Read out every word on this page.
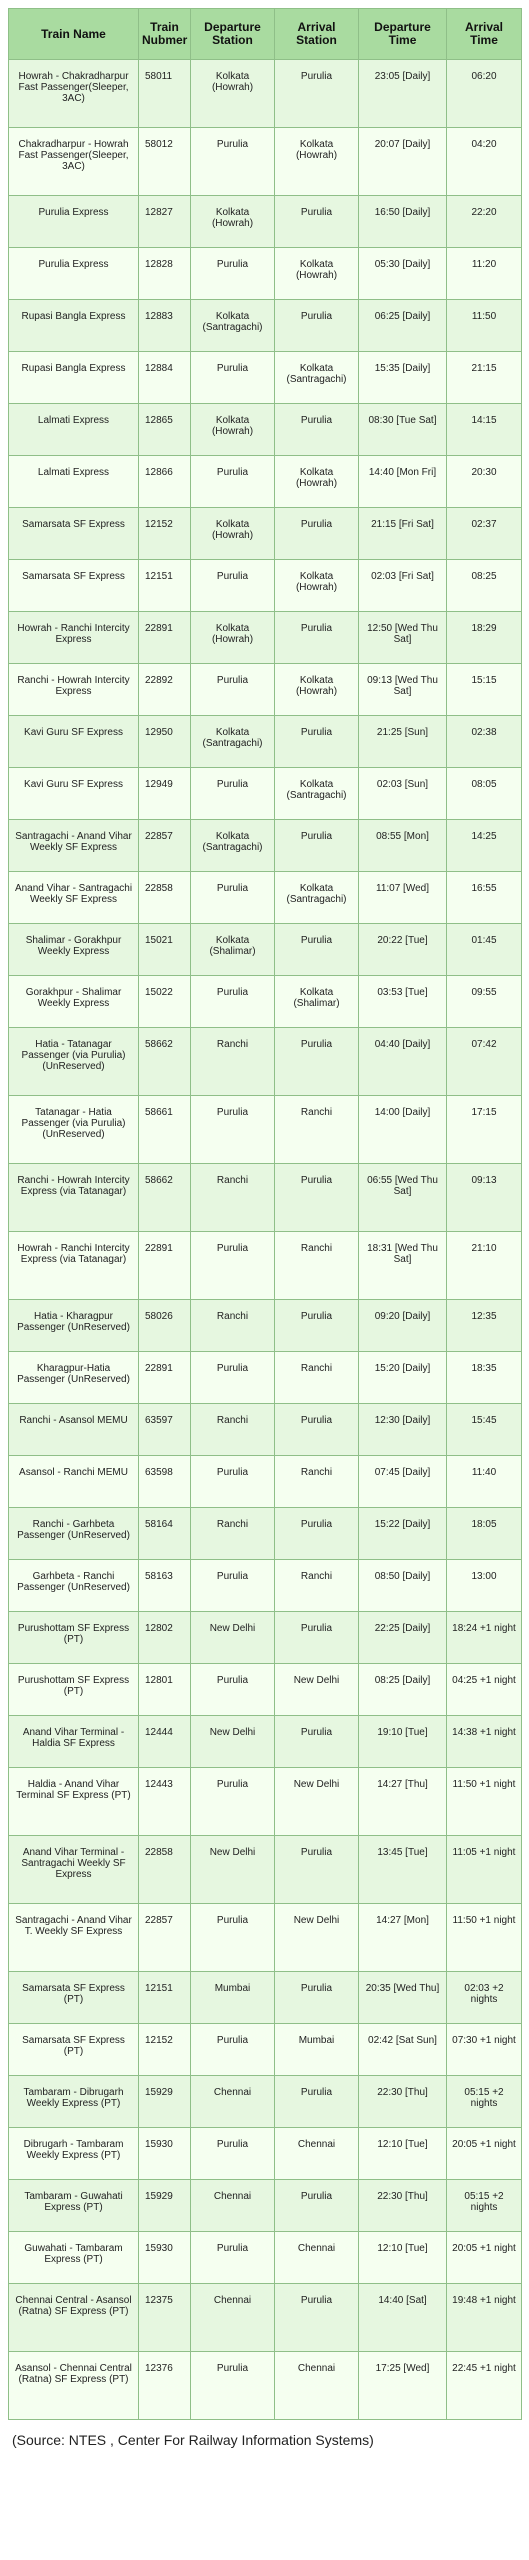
Train Name	Train Nubmer	Departure Station	Arrival Station	Departure Time	Arrival Time
Howrah - Chakradharpur Fast Passenger(Sleeper, 3AC)	58011	Kolkata (Howrah)	Purulia	23:05 [Daily]	06:20
Chakradharpur - Howrah Fast Passenger(Sleeper, 3AC)	58012	Purulia	Kolkata (Howrah)	20:07 [Daily]	04:20
Purulia Express	12827	Kolkata (Howrah)	Purulia	16:50 [Daily]	22:20
Purulia Express	12828	Purulia	Kolkata (Howrah)	05:30 [Daily]	11:20
Rupasi Bangla Express	12883	Kolkata (Santragachi)	Purulia	06:25 [Daily]	11:50
Rupasi Bangla Express	12884	Purulia	Kolkata (Santragachi)	15:35 [Daily]	21:15
Lalmati Express	12865	Kolkata (Howrah)	Purulia	08:30 [Tue Sat]	14:15
Lalmati Express	12866	Purulia	Kolkata (Howrah)	14:40 [Mon Fri]	20:30
Samarsata SF Express	12152	Kolkata (Howrah)	Purulia	21:15 [Fri Sat]	02:37
Samarsata SF Express	12151	Purulia	Kolkata (Howrah)	02:03 [Fri Sat]	08:25
Howrah - Ranchi Intercity Express	22891	Kolkata (Howrah)	Purulia	12:50 [Wed Thu Sat]	18:29
Ranchi - Howrah Intercity Express	22892	Purulia	Kolkata (Howrah)	09:13 [Wed Thu Sat]	15:15
Kavi Guru SF Express	12950	Kolkata (Santragachi)	Purulia	21:25 [Sun]	02:38
Kavi Guru SF Express	12949	Purulia	Kolkata (Santragachi)	02:03 [Sun]	08:05
Santragachi - Anand Vihar Weekly SF Express	22857	Kolkata (Santragachi)	Purulia	08:55 [Mon]	14:25
Anand Vihar - Santragachi Weekly SF Express	22858	Purulia	Kolkata (Santragachi)	11:07 [Wed]	16:55
Shalimar - Gorakhpur Weekly Express	15021	Kolkata (Shalimar)	Purulia	20:22 [Tue]	01:45
Gorakhpur - Shalimar Weekly Express	15022	Purulia	Kolkata (Shalimar)	03:53 [Tue]	09:55
Hatia - Tatanagar Passenger (via Purulia) (UnReserved)	58662	Ranchi	Purulia	04:40 [Daily]	07:42
Tatanagar - Hatia Passenger (via Purulia) (UnReserved)	58661	Purulia	Ranchi	14:00 [Daily]	17:15
Ranchi - Howrah Intercity Express (via Tatanagar)	58662	Ranchi	Purulia	06:55 [Wed Thu Sat]	09:13
Howrah - Ranchi Intercity Express (via Tatanagar)	22891	Purulia	Ranchi	18:31 [Wed Thu Sat]	21:10
Hatia - Kharagpur Passenger (UnReserved)	58026	Ranchi	Purulia	09:20 [Daily]	12:35
Kharagpur-Hatia Passenger (UnReserved)	22891	Purulia	Ranchi	15:20 [Daily]	18:35
Ranchi - Asansol MEMU	63597	Ranchi	Purulia	12:30 [Daily]	15:45
Asansol - Ranchi MEMU	63598	Purulia	Ranchi	07:45 [Daily]	11:40
Ranchi - Garhbeta Passenger (UnReserved)	58164	Ranchi	Purulia	15:22 [Daily]	18:05
Garhbeta - Ranchi Passenger (UnReserved)	58163	Purulia	Ranchi	08:50 [Daily]	13:00
Purushottam SF Express (PT)	12802	New Delhi	Purulia	22:25 [Daily]	18:24 +1 night
Purushottam SF Express (PT)	12801	Purulia	New Delhi	08:25 [Daily]	04:25 +1 night
Anand Vihar Terminal - Haldia SF Express	12444	New Delhi	Purulia	19:10 [Tue]	14:38 +1 night
Haldia - Anand Vihar Terminal SF Express (PT)	12443	Purulia	New Delhi	14:27 [Thu]	11:50 +1 night
Anand Vihar Terminal - Santragachi Weekly SF Express	22858	New Delhi	Purulia	13:45 [Tue]	11:05 +1 night
Santragachi - Anand Vihar T. Weekly SF Express	22857	Purulia	New Delhi	14:27 [Mon]	11:50 +1 night
Samarsata SF Express (PT)	12151	Mumbai	Purulia	20:35 [Wed Thu]	02:03 +2 nights
Samarsata SF Express (PT)	12152	Purulia	Mumbai	02:42 [Sat Sun]	07:30 +1 night
Tambaram - Dibrugarh Weekly Express (PT)	15929	Chennai	Purulia	22:30 [Thu]	05:15 +2 nights
Dibrugarh - Tambaram Weekly Express (PT)	15930	Purulia	Chennai	12:10 [Tue]	20:05 +1 night
Tambaram - Guwahati Express (PT)	15929	Chennai	Purulia	22:30 [Thu]	05:15 +2 nights
Guwahati - Tambaram Express (PT)	15930	Purulia	Chennai	12:10 [Tue]	20:05 +1 night
Chennai Central - Asansol (Ratna) SF Express (PT)	12375	Chennai	Purulia	14:40 [Sat]	19:48 +1 night
Asansol - Chennai Central (Ratna) SF Express (PT)	12376	Purulia	Chennai	17:25 [Wed]	22:45 +1 night
(Source: NTES , Center For Railway Information Systems)
